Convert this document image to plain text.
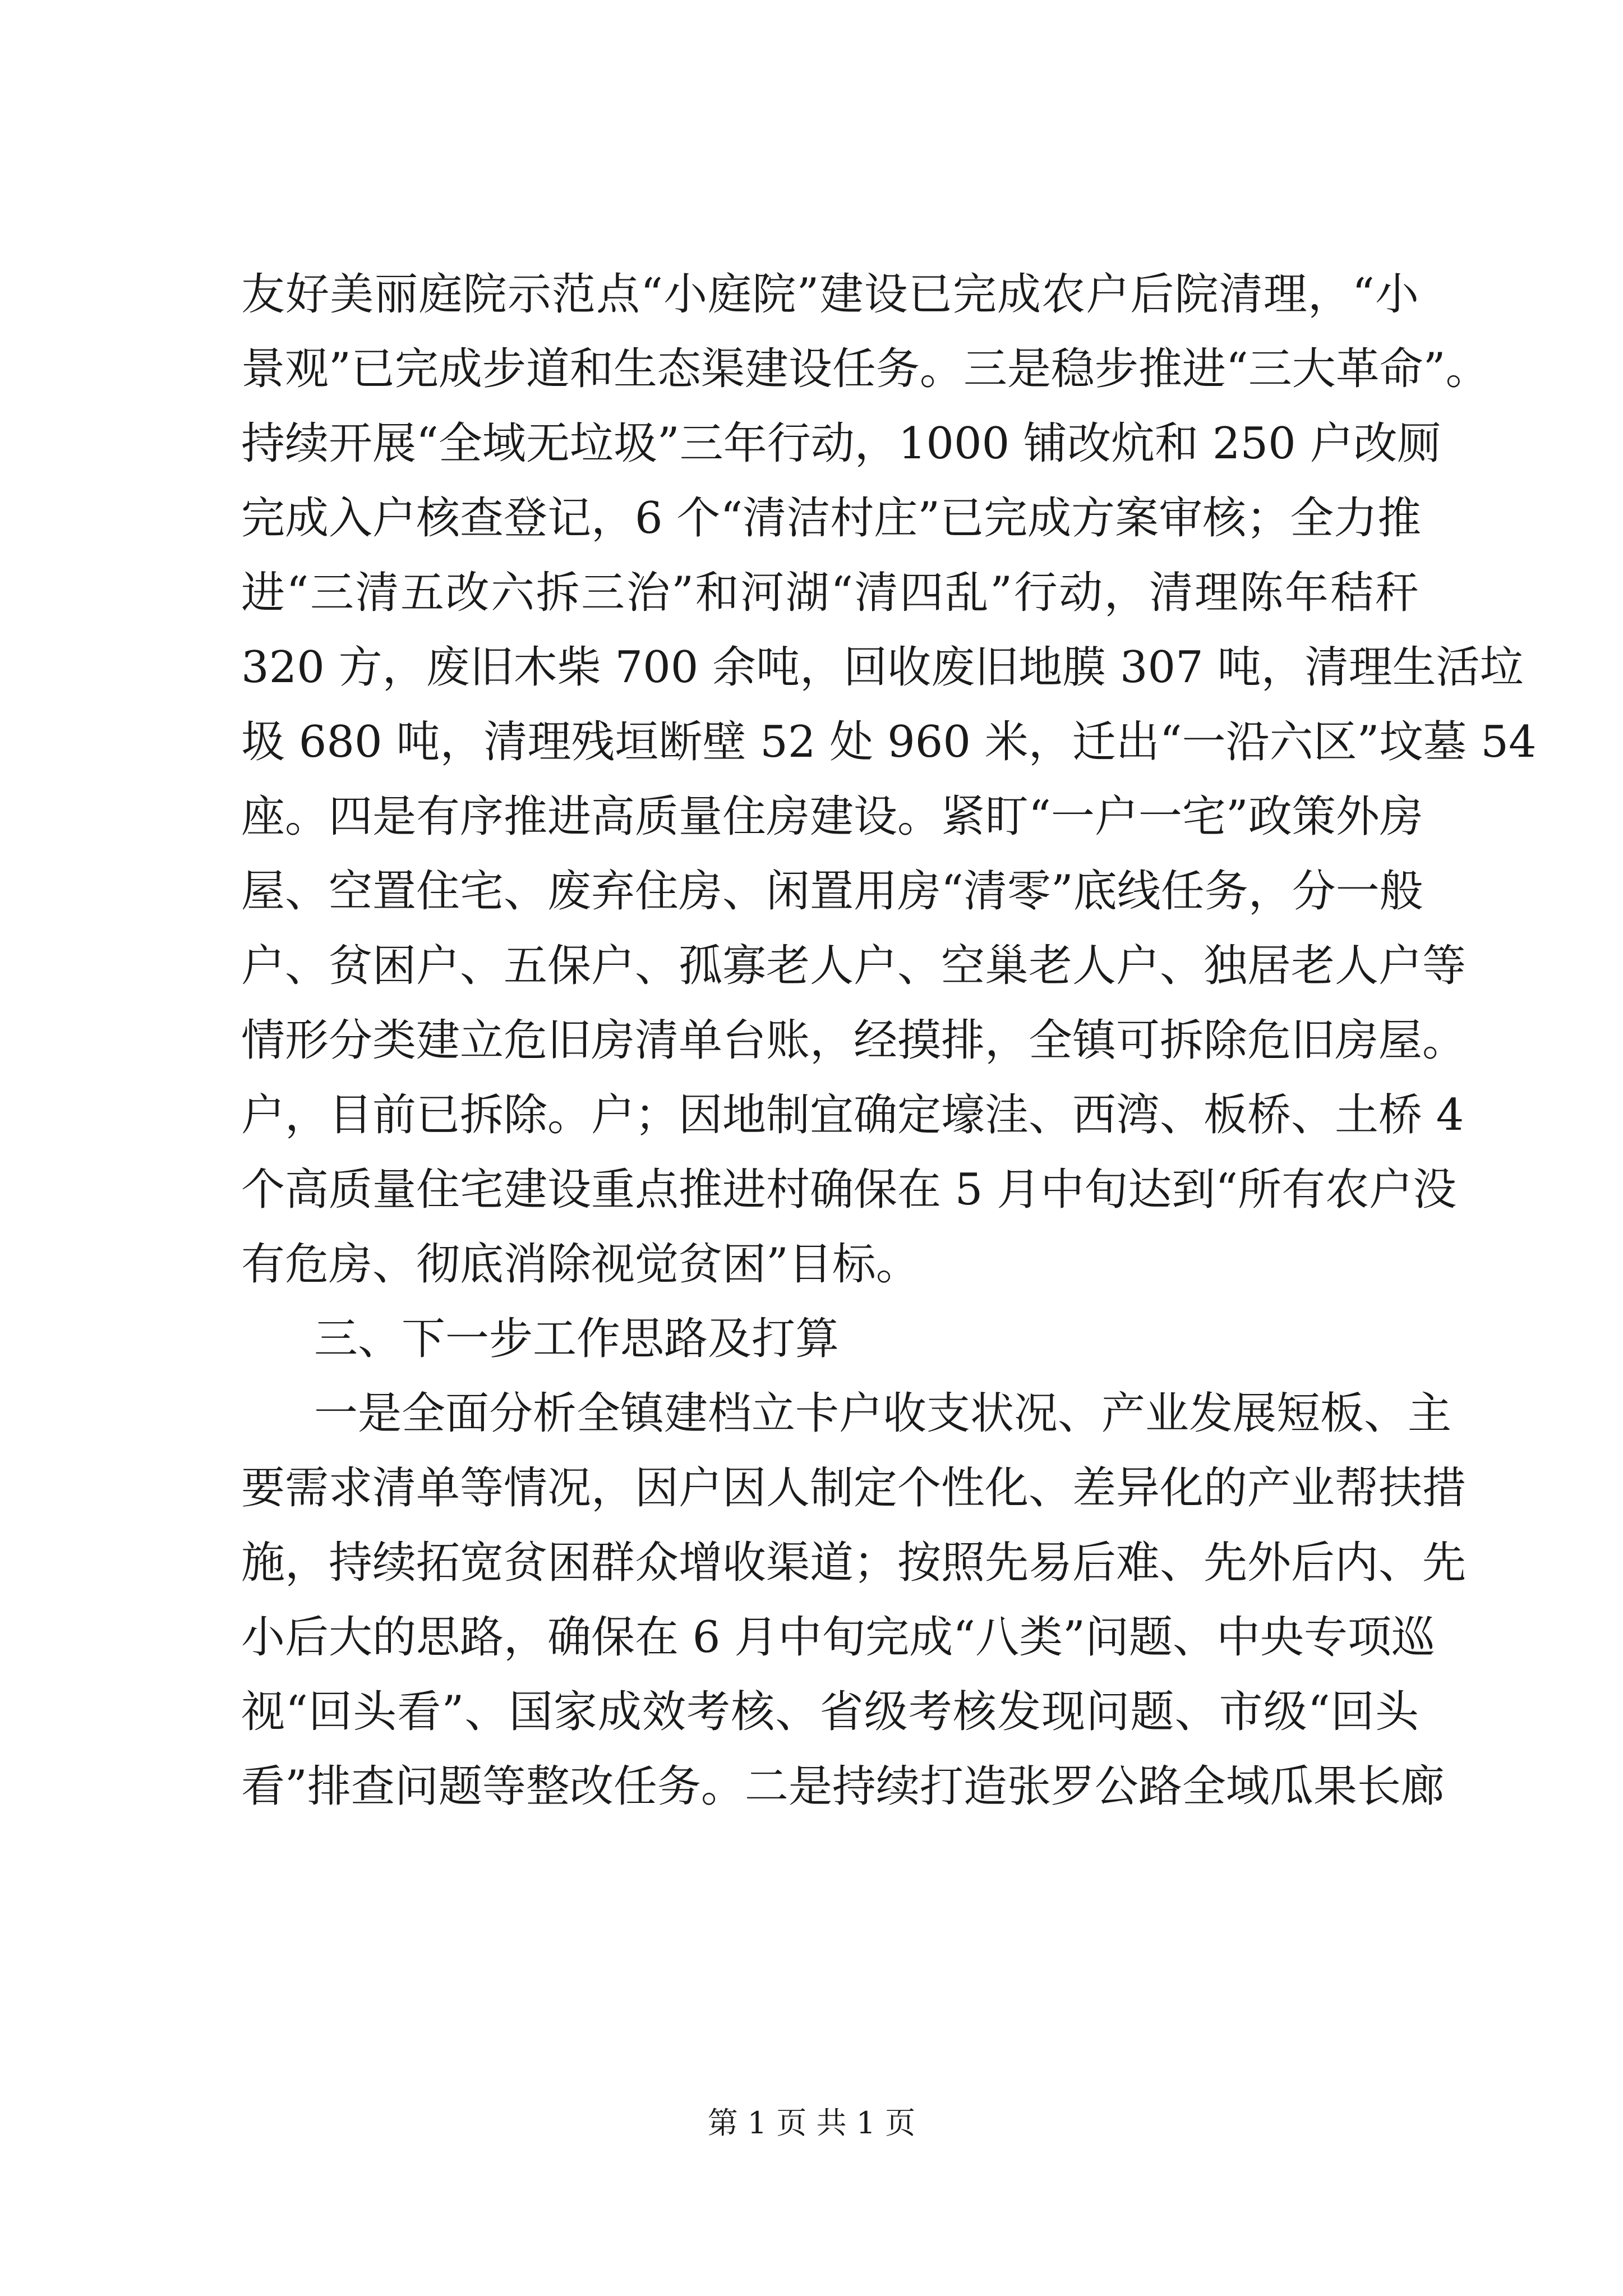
友好美丽庭院示范点“小庭院”建设已完成农户后院清理，“小
景观”已完成步道和生态渠建设任务。三是稳步推进“三大革命”。
持续开展“全域无垃圾”三年行动，1000 铺改炕和 250 户改厕
完成入户核查登记，6 个“清洁村庄”已完成方案审核；全力推
进“三清五改六拆三治”和河湖“清四乱”行动，清理陈年秸秆
320 方，废旧木柴 700 余吨，回收废旧地膜 307 吨，清理生活垃
圾 680 吨，清理残垣断壁 52 处 960 米，迁出“一沿六区”坟墓 54
座。四是有序推进高质量住房建设。紧盯“一户一宅”政策外房
屋、空置住宅、废弃住房、闲置用房“清零”底线任务，分一般
户、贫困户、五保户、孤寡老人户、空巢老人户、独居老人户等
情形分类建立危旧房清单台账，经摸排，全镇可拆除危旧房屋。
户，目前已拆除。户；因地制宜确定壕洼、西湾、板桥、土桥 4
个高质量住宅建设重点推进村确保在 5 月中旬达到“所有农户没
有危房、彻底消除视觉贫困”目标。
三、下一步工作思路及打算
一是全面分析全镇建档立卡户收支状况、产业发展短板、主
要需求清单等情况，因户因人制定个性化、差异化的产业帮扶措
施，持续拓宽贫困群众增收渠道；按照先易后难、先外后内、先
小后大的思路，确保在 6 月中旬完成“八类”问题、中央专项巡
视“回头看”、国家成效考核、省级考核发现问题、市级“回头
看”排查问题等整改任务。二是持续打造张罗公路全域瓜果长廊
第 1 页 共 1 页
